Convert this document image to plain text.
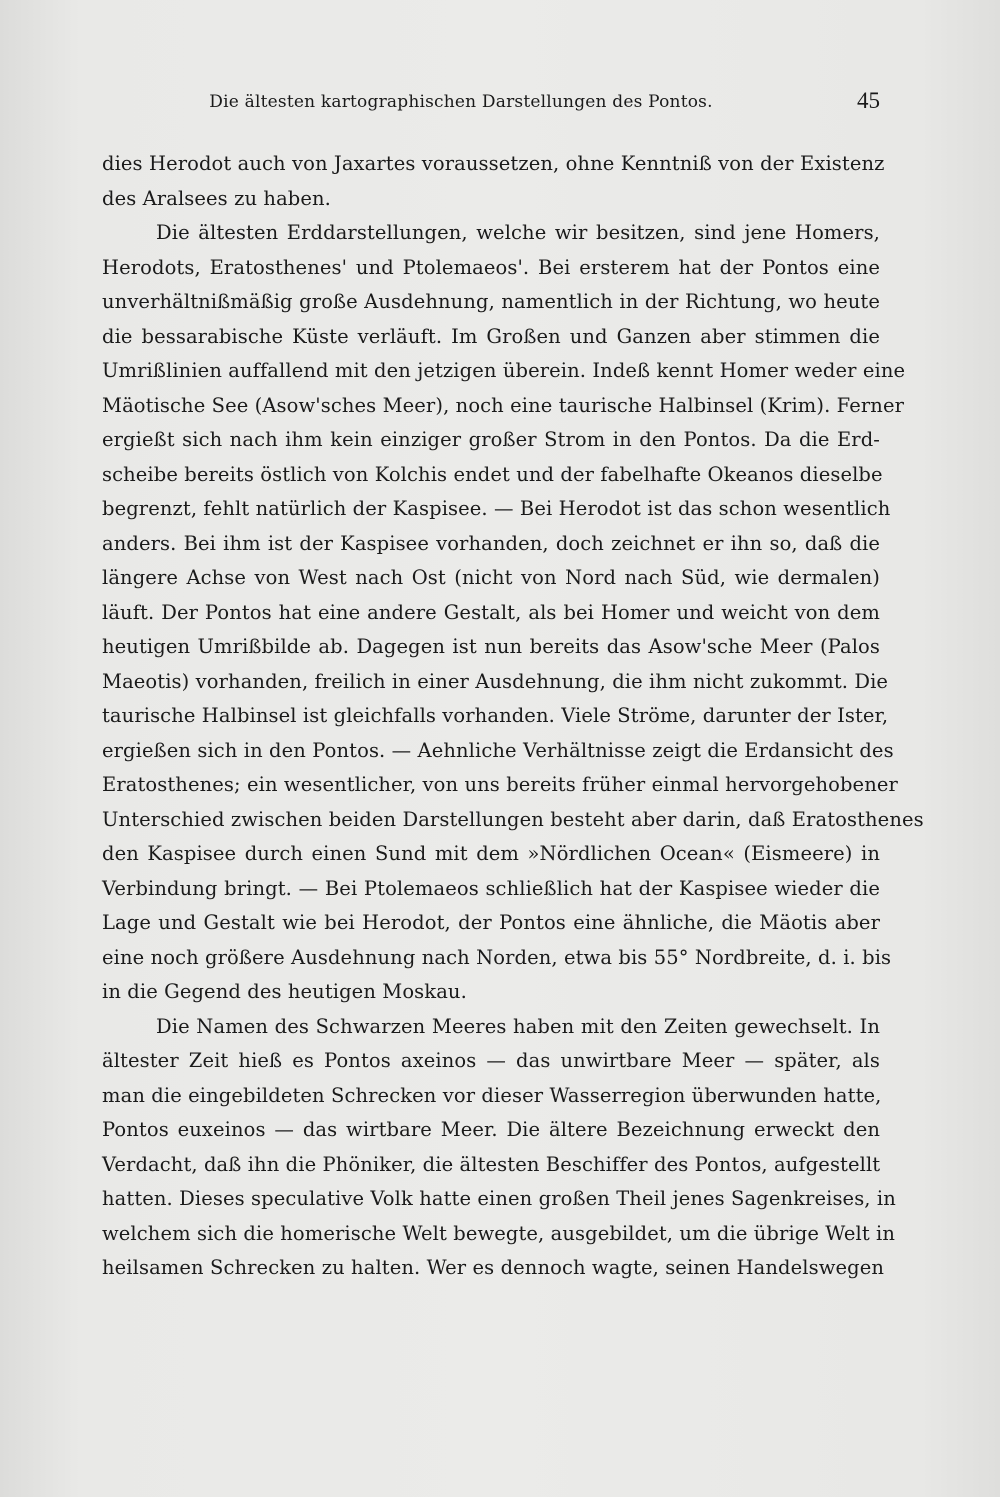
Die ältesten kartographischen Darstellungen des Pontos.	45
dies Herodot auch von Jaxartes voraussetzen, ohne Kenntniß von der Existenz
des Aralsees zu haben.
Die ältesten Erddarstellungen, welche wir besitzen, sind jene Homers,
Herodots, Eratosthenes' und Ptolemaeos'. Bei ersterem hat der Pontos eine
unverhältnißmäßig große Ausdehnung, namentlich in der Richtung, wo heute
die bessarabische Küste verläuft. Im Großen und Ganzen aber stimmen die
Umrißlinien auffallend mit den jetzigen überein. Indeß kennt Homer weder eine
Mäotische See (Asow'sches Meer), noch eine taurische Halbinsel (Krim). Ferner
ergießt sich nach ihm kein einziger großer Strom in den Pontos. Da die Erd-
scheibe bereits östlich von Kolchis endet und der fabelhafte Okeanos dieselbe
begrenzt, fehlt natürlich der Kaspisee. — Bei Herodot ist das schon wesentlich
anders. Bei ihm ist der Kaspisee vorhanden, doch zeichnet er ihn so, daß die
längere Achse von West nach Ost (nicht von Nord nach Süd, wie dermalen)
läuft. Der Pontos hat eine andere Gestalt, als bei Homer und weicht von dem
heutigen Umrißbilde ab. Dagegen ist nun bereits das Asow'sche Meer (Palos
Maeotis) vorhanden, freilich in einer Ausdehnung, die ihm nicht zukommt. Die
taurische Halbinsel ist gleichfalls vorhanden. Viele Ströme, darunter der Ister,
ergießen sich in den Pontos. — Aehnliche Verhältnisse zeigt die Erdansicht des
Eratosthenes; ein wesentlicher, von uns bereits früher einmal hervorgehobener
Unterschied zwischen beiden Darstellungen besteht aber darin, daß Eratosthenes
den Kaspisee durch einen Sund mit dem »Nördlichen Ocean« (Eismeere) in
Verbindung bringt. — Bei Ptolemaeos schließlich hat der Kaspisee wieder die
Lage und Gestalt wie bei Herodot, der Pontos eine ähnliche, die Mäotis aber
eine noch größere Ausdehnung nach Norden, etwa bis 55° Nordbreite, d. i. bis
in die Gegend des heutigen Moskau.
Die Namen des Schwarzen Meeres haben mit den Zeiten gewechselt. In
ältester Zeit hieß es Pontos axeinos — das unwirtbare Meer — später, als
man die eingebildeten Schrecken vor dieser Wasserregion überwunden hatte,
Pontos euxeinos — das wirtbare Meer. Die ältere Bezeichnung erweckt den
Verdacht, daß ihn die Phöniker, die ältesten Beschiffer des Pontos, aufgestellt
hatten. Dieses speculative Volk hatte einen großen Theil jenes Sagenkreises, in
welchem sich die homerische Welt bewegte, ausgebildet, um die übrige Welt in
heilsamen Schrecken zu halten. Wer es dennoch wagte, seinen Handelswegen
